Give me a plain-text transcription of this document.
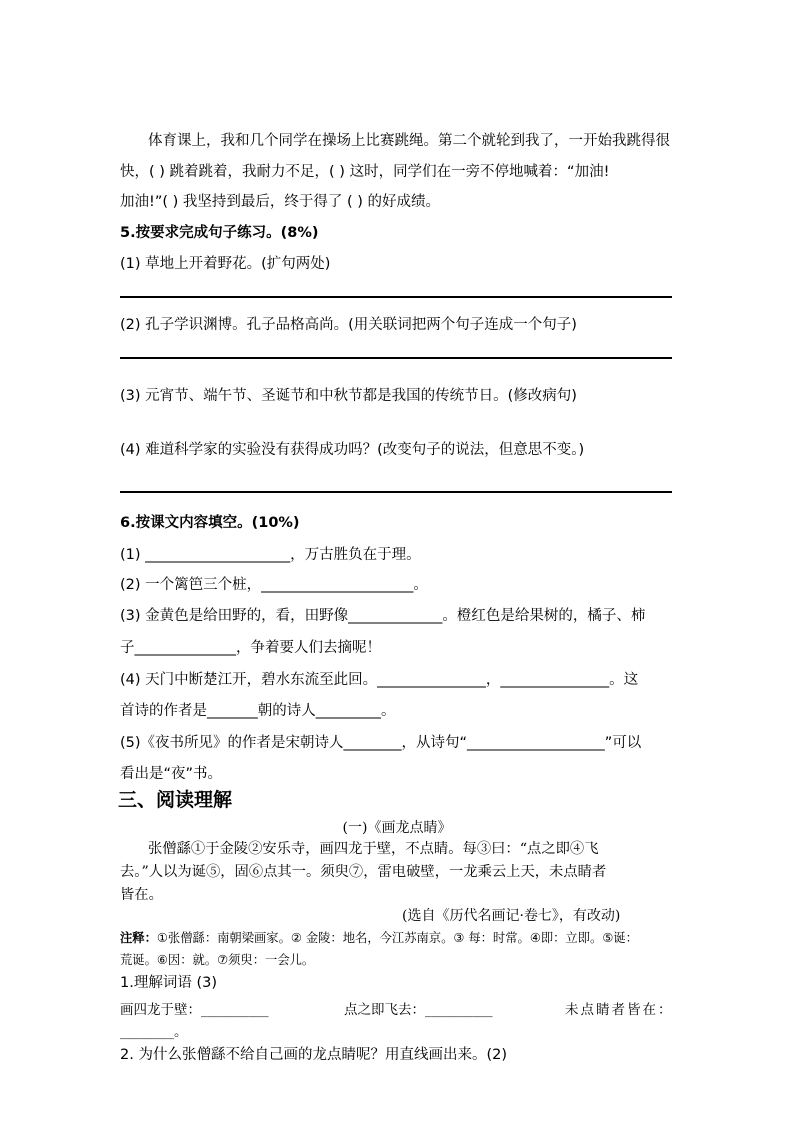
体育课上，我和几个同学在操场上比赛跳绳。第二个就轮到我了，一开始我跳得很
快，( ) 跳着跳着，我耐力不足，( ) 这时，同学们在一旁不停地喊着：“加油!
加油!”( ) 我坚持到最后，终于得了 ( ) 的好成绩。
5.按要求完成句子练习。(8%)
(1) 草地上开着野花。(扩句两处)
(2) 孔子学识渊博。孔子品格高尚。(用关联词把两个句子连成一个句子)
(3) 元宵节、端午节、圣诞节和中秋节都是我国的传统节日。(修改病句)
(4) 难道科学家的实验没有获得成功吗？(改变句子的说法，但意思不变。)
6.按课文内容填空。(10%)
(1) ____________________，万古胜负在于理。
(2) 一个篱笆三个桩，_____________________。
(3) 金黄色是给田野的，看，田野像_____________。橙红色是给果树的，橘子、柿
子______________，争着要人们去摘呢！
(4) 天门中断楚江开，碧水东流至此回。_______________，_______________。这
首诗的作者是_______朝的诗人_________。
(5)《夜书所见》的作者是宋朝诗人________，从诗句“___________________”可以
看出是“夜”书。
三、阅读理解
(一)《画龙点睛》
张僧繇①于金陵②安乐寺，画四龙于壁，不点睛。每③曰：“点之即④飞
去。”人以为诞⑤，固⑥点其一。须臾⑦，雷电破壁，一龙乘云上天，未点睛者
皆在。
(选自《历代名画记·卷七》，有改动)
注释：①张僧繇：南朝梁画家。② 金陵：地名，今江苏南京。③ 每：时常。④即：立即。⑤诞：
荒诞。⑥因：就。⑦须臾：一会儿。
1.理解词语 (3)
画四龙于壁：__________	点之即飞去：__________	未点睛者皆在：
________。
2. 为什么张僧繇不给自己画的龙点睛呢？用直线画出来。(2)
